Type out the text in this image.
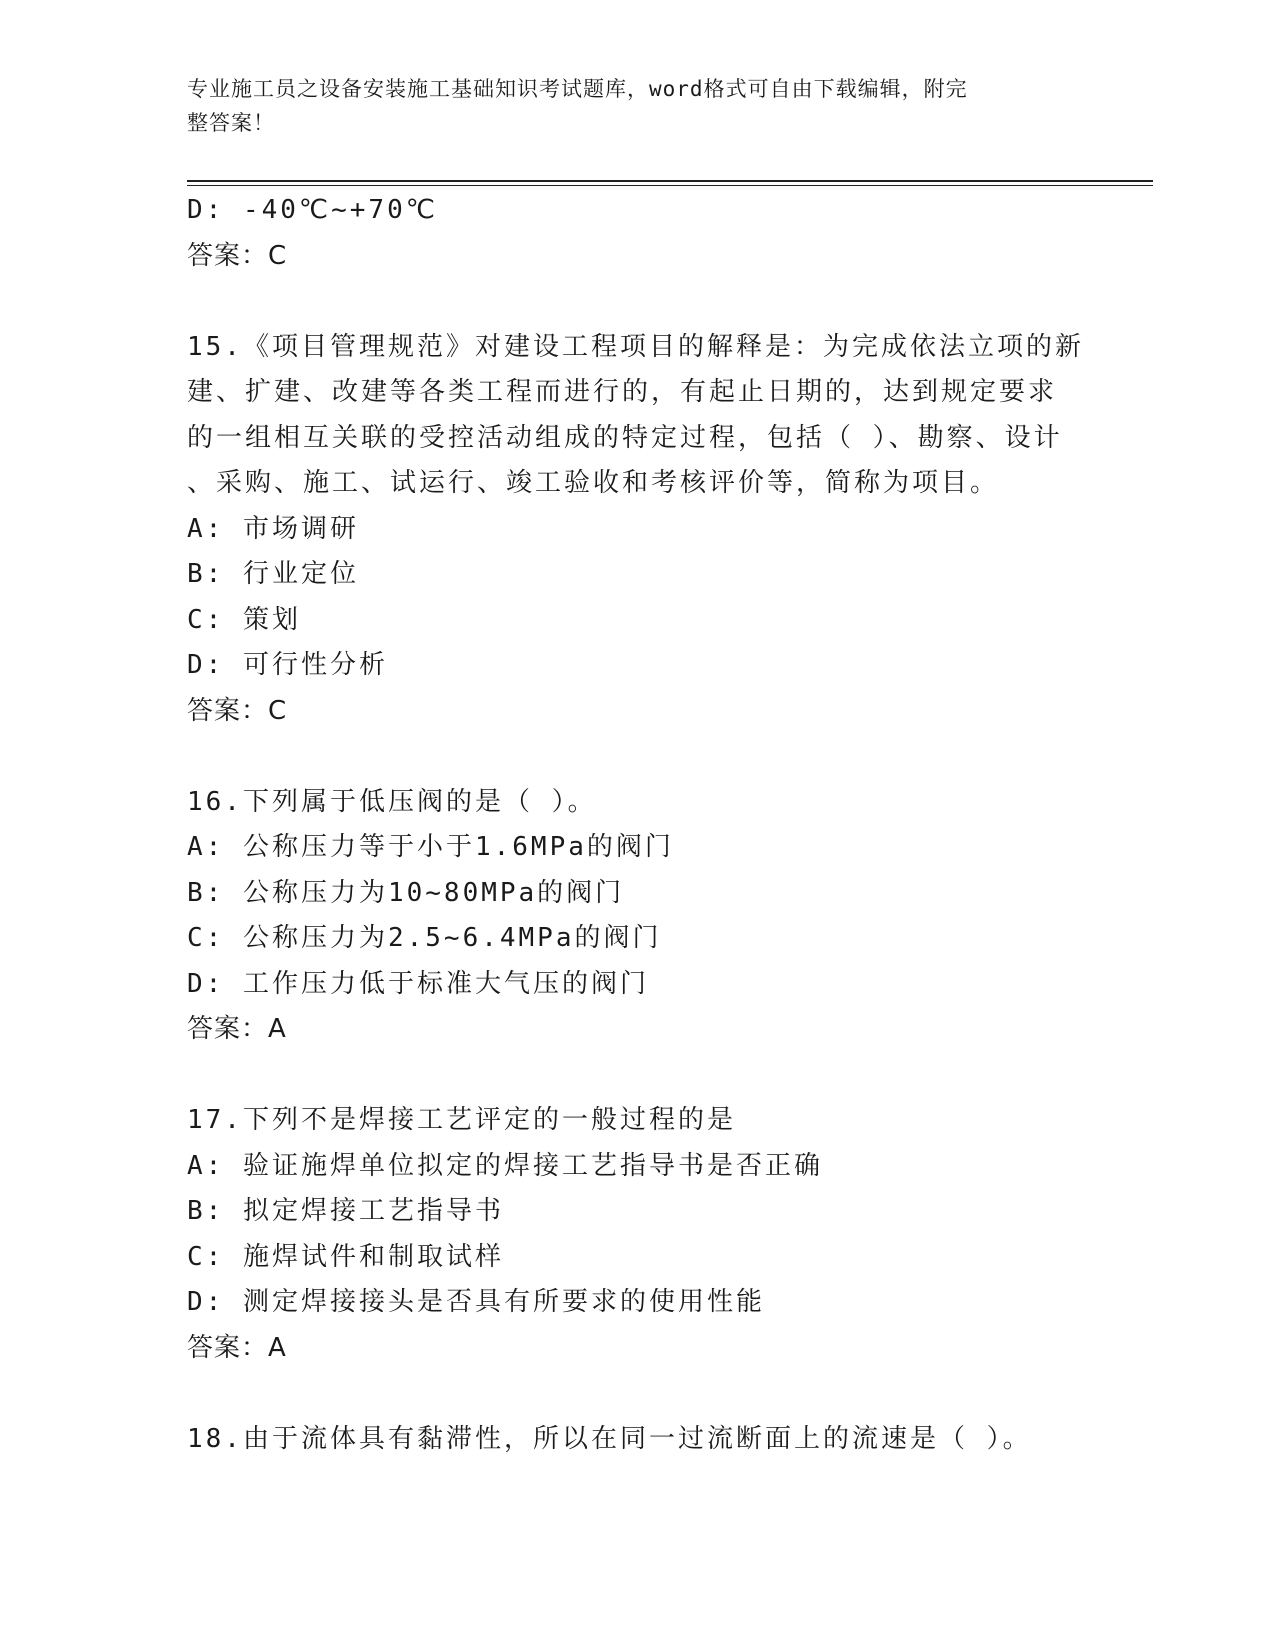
专业施工员之设备安装施工基础知识考试题库，word格式可自由下载编辑，附完
整答案！
D: -40℃~+70℃
答案：C
15.《项目管理规范》对建设工程项目的解释是：为完成依法立项的新
建、扩建、改建等各类工程而进行的，有起止日期的，达到规定要求
的一组相互关联的受控活动组成的特定过程，包括（ ）、勘察、设计
、采购、施工、试运行、竣工验收和考核评价等，简称为项目。
A: 市场调研
B: 行业定位
C: 策划
D: 可行性分析
答案：C
16.下列属于低压阀的是（ ）。
A: 公称压力等于小于1.6MPa的阀门
B: 公称压力为10~80MPa的阀门
C: 公称压力为2.5~6.4MPa的阀门
D: 工作压力低于标准大气压的阀门
答案：A
17.下列不是焊接工艺评定的一般过程的是
A: 验证施焊单位拟定的焊接工艺指导书是否正确
B: 拟定焊接工艺指导书
C: 施焊试件和制取试样
D: 测定焊接接头是否具有所要求的使用性能
答案：A
18.由于流体具有黏滞性，所以在同一过流断面上的流速是（ ）。
